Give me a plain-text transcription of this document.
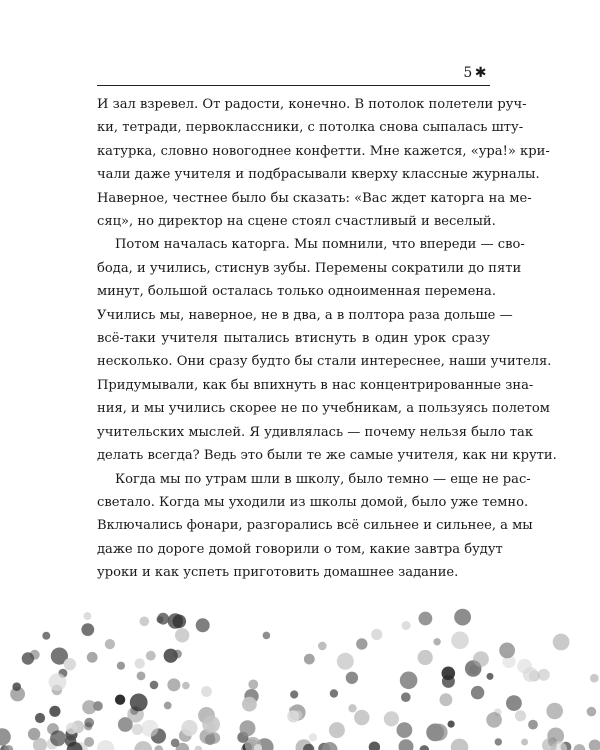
5 ✱
И зал взревел. От радости, конечно. В потолок полетели руч-
ки, тетради, первоклассники, с потолка снова сыпалась шту-
катурка, словно новогоднее конфетти. Мне кажется, «ура!» кри-
чали даже учителя и подбрасывали кверху классные журналы.
Наверное, честнее было бы сказать: «Вас ждет каторга на ме-
сяц», но директор на сцене стоял счастливый и веселый.
Потом началась каторга. Мы помнили, что впереди — сво-
бода, и учились, стиснув зубы. Перемены сократили до пяти
минут, большой осталась только одноименная перемена.
Учились мы, наверное, не в два, а в полтора раза дольше —
всё-таки учителя пытались втиснуть в один урок сразу
несколько. Они сразу будто бы стали интереснее, наши учителя.
Придумывали, как бы впихнуть в нас концентрированные зна-
ния, и мы учились скорее не по учебникам, а пользуясь полетом
учительских мыслей. Я удивлялась — почему нельзя было так
делать всегда? Ведь это были те же самые учителя, как ни крути.
Когда мы по утрам шли в школу, было темно — еще не рас-
светало. Когда мы уходили из школы домой, было уже темно.
Включались фонари, разгорались всё сильнее и сильнее, а мы
даже по дороге домой говорили о том, какие завтра будут
уроки и как успеть приготовить домашнее задание.
